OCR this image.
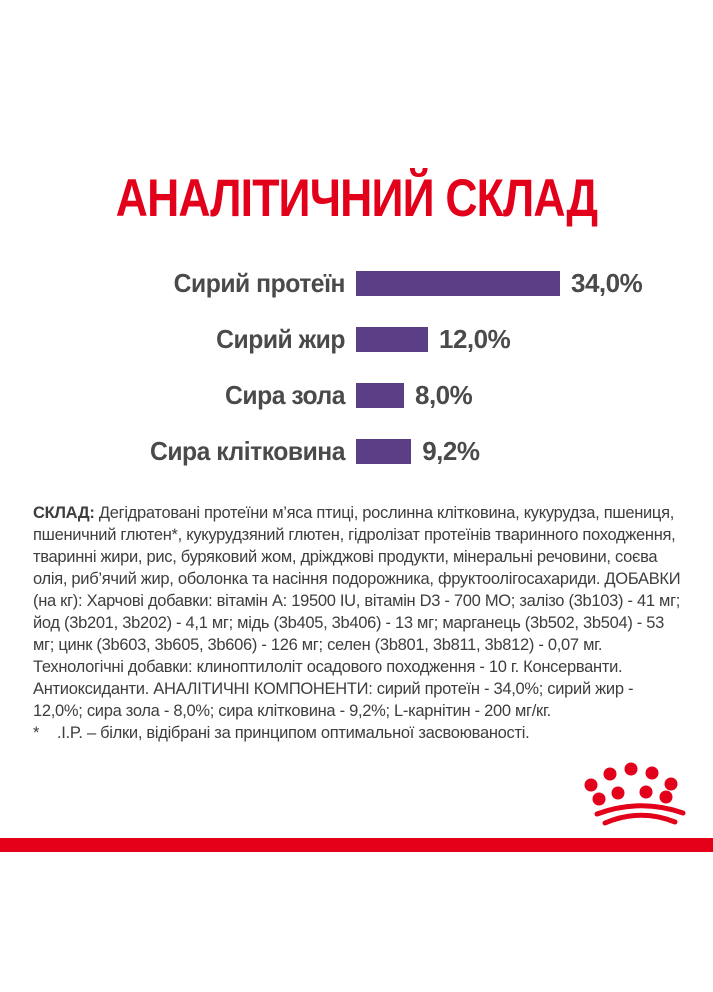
АНАЛІТИЧНИЙ СКЛАД
Сирий протеїн	34,0%
Сирий жир	12,0%
Сира зола	8,0%
Сира клітковина	9,2%

СКЛАД: Дегідратовані протеїни м’яса птиці, рослинна клітковина, кукурудза, пшениця, пшеничний глютен*, кукурудзяний глютен, гідролізат протеїнів тваринного походження, тваринні жири, рис, буряковий жом, дріжджові продукти, мінеральні речовини, соєва олія, риб’ячий жир, оболонка та насіння подорожника, фруктоолігосахариди. ДОБАВКИ (на кг): Харчові добавки: вітамін A: 19500 IU, вітамін D3 - 700 МО; залізо (3b103) - 41 мг; йод (3b201, 3b202) - 4,1 мг; мідь (3b405, 3b406) - 13 мг; марганець (3b502, 3b504) - 53 мг; цинк (3b603, 3b605, 3b606) - 126 мг; селен (3b801, 3b811, 3b812) - 0,07 мг. Технологічні добавки: клиноптилоліт осадового походження - 10 г. Консерванти. Антиоксиданти. АНАЛІТИЧНІ КОМПОНЕНТИ: сирий протеїн - 34,0%; сирий жир - 12,0%; сира зола - 8,0%; сира клітковина - 9,2%; L-карнітин - 200 мг/кг.

*	.I.P. – білки, відібрані за принципом оптимальної засвоюваності.
